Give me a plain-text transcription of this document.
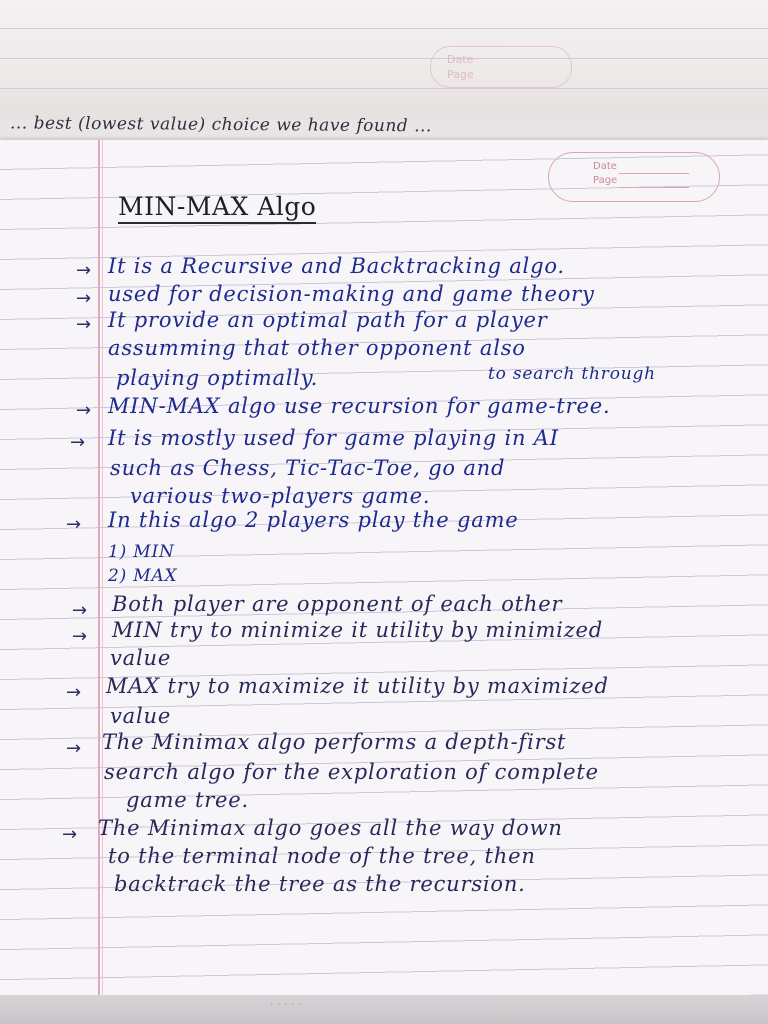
Date
Page
... best (lowest value) choice we have found ...
Date
Page
MIN-MAX Algo
→ It is a Recursive and Backtracking algo.
→ used for decision-making and game theory
→ It provide an optimal path for a player
assumming that other opponent also
playing optimally.	to search through
→ MIN-MAX algo use recursion for game-tree.
→ It is mostly used for game playing in AI
such as Chess, Tic-Tac-Toe, go and
various two-players game.
→ In this algo 2 players play the game
1) MIN
2) MAX
→ Both player are opponent of each other
→ MIN try to minimize it utility by minimized
value
→ MAX try to maximize it utility by maximized
value
→ The Minimax algo performs a depth-first
search algo for the exploration of complete
game tree.
→ The Minimax algo goes all the way down
to the terminal node of the tree, then
backtrack the tree as the recursion.
· · · · ·
